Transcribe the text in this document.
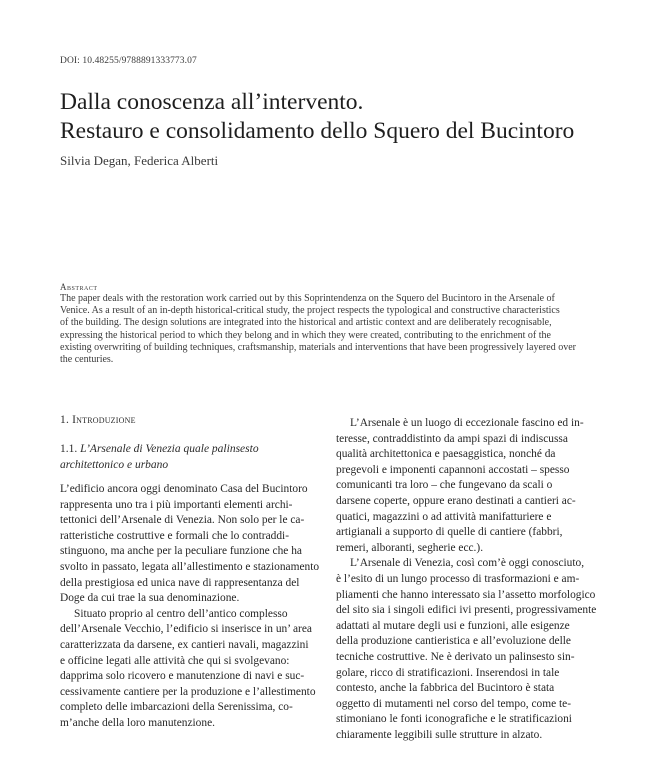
DOI: 10.48255/9788891333773.07
Dalla conoscenza all’intervento.
Restauro e consolidamento dello Squero del Bucintoro
Silvia Degan, Federica Alberti
Abstract
The paper deals with the restoration work carried out by this Soprintendenza on the Squero del Bucintoro in the Arsenale of
Venice. As a result of an in-depth historical-critical study, the project respects the typological and constructive characteristics
of the building. The design solutions are integrated into the historical and artistic context and are deliberately recognisable,
expressing the historical period to which they belong and in which they were created, contributing to the enrichment of the
existing overwriting of building techniques, craftsmanship, materials and interventions that have been progressively layered over
the centuries.
1. Introduzione
1.1. L’Arsenale di Venezia quale palinsesto architettonico e urbano
L’edificio ancora oggi denominato Casa del Bucintoro
rappresenta uno tra i più importanti elementi archi-
tettonici dell’Arsenale di Venezia. Non solo per le ca-
ratteristiche costruttive e formali che lo contraddi-
stinguono, ma anche per la peculiare funzione che ha
svolto in passato, legata all’allestimento e stazionamento
della prestigiosa ed unica nave di rappresentanza del
Doge da cui trae la sua denominazione.
Situato proprio al centro dell’antico complesso
dell’Arsenale Vecchio, l’edificio si inserisce in un’ area
caratterizzata da darsene, ex cantieri navali, magazzini
e officine legati alle attività che qui si svolgevano:
dapprima solo ricovero e manutenzione di navi e suc-
cessivamente cantiere per la produzione e l’allestimento
completo delle imbarcazioni della Serenissima, co-
m’anche della loro manutenzione.
L’Arsenale è un luogo di eccezionale fascino ed in-
teresse, contraddistinto da ampi spazi di indiscussa
qualità architettonica e paesaggistica, nonché da
pregevoli e imponenti capannoni accostati – spesso
comunicanti tra loro – che fungevano da scali o
darsene coperte, oppure erano destinati a cantieri ac-
quatici, magazzini o ad attività manifatturiere e
artigianali a supporto di quelle di cantiere (fabbri,
remeri, alboranti, segherie ecc.).
L’Arsenale di Venezia, così com’è oggi conosciuto,
è l’esito di un lungo processo di trasformazioni e am-
pliamenti che hanno interessato sia l’assetto morfologico
del sito sia i singoli edifici ivi presenti, progressivamente
adattati al mutare degli usi e funzioni, alle esigenze
della produzione cantieristica e all’evoluzione delle
tecniche costruttive. Ne è derivato un palinsesto sin-
golare, ricco di stratificazioni. Inserendosi in tale
contesto, anche la fabbrica del Bucintoro è stata
oggetto di mutamenti nel corso del tempo, come te-
stimoniano le fonti iconografiche e le stratificazioni
chiaramente leggibili sulle strutture in alzato.
